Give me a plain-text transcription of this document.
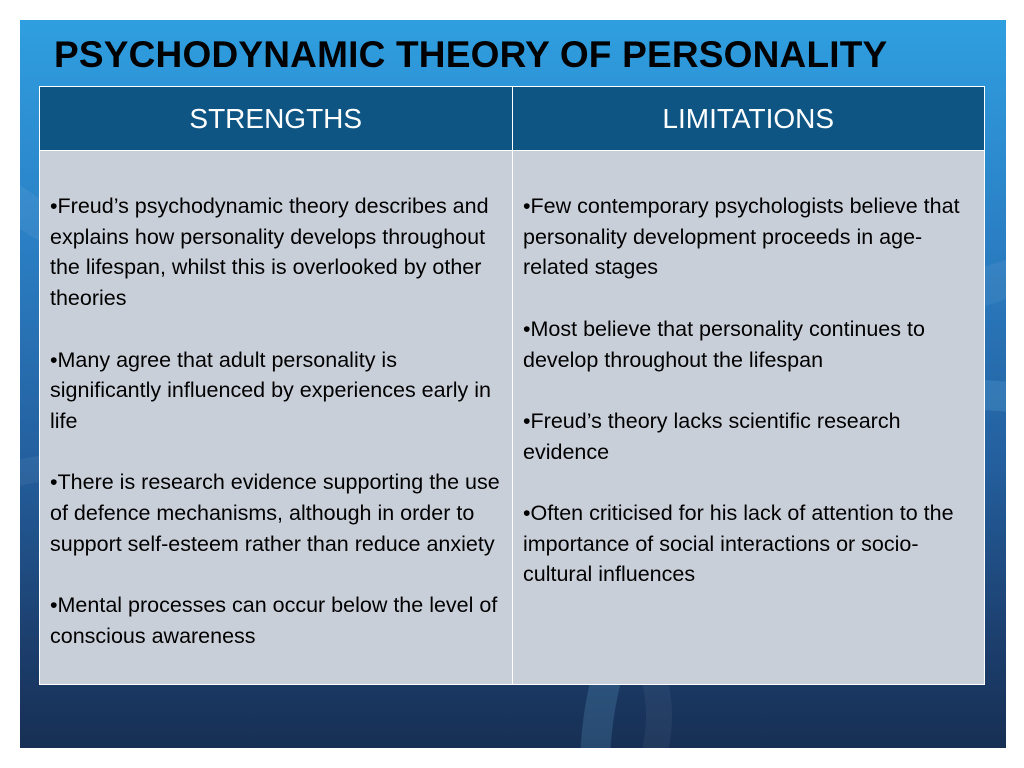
PSYCHODYNAMIC THEORY OF PERSONALITY
STRENGTHS	LIMITATIONS

•Freud’s psychodynamic theory describes and explains how personality develops throughout the lifespan, whilst this is overlooked by other theories

•Many agree that adult personality is significantly influenced by experiences early in life

•There is research evidence supporting the use of defence mechanisms, although in order to support self-esteem rather than reduce anxiety

•Mental processes can occur below the level of conscious awareness

•Few contemporary psychologists believe that personality development proceeds in age-related stages

•Most believe that personality continues to develop throughout the lifespan

•Freud’s theory lacks scientific research evidence

•Often criticised for his lack of attention to the importance of social interactions or socio-cultural influences
